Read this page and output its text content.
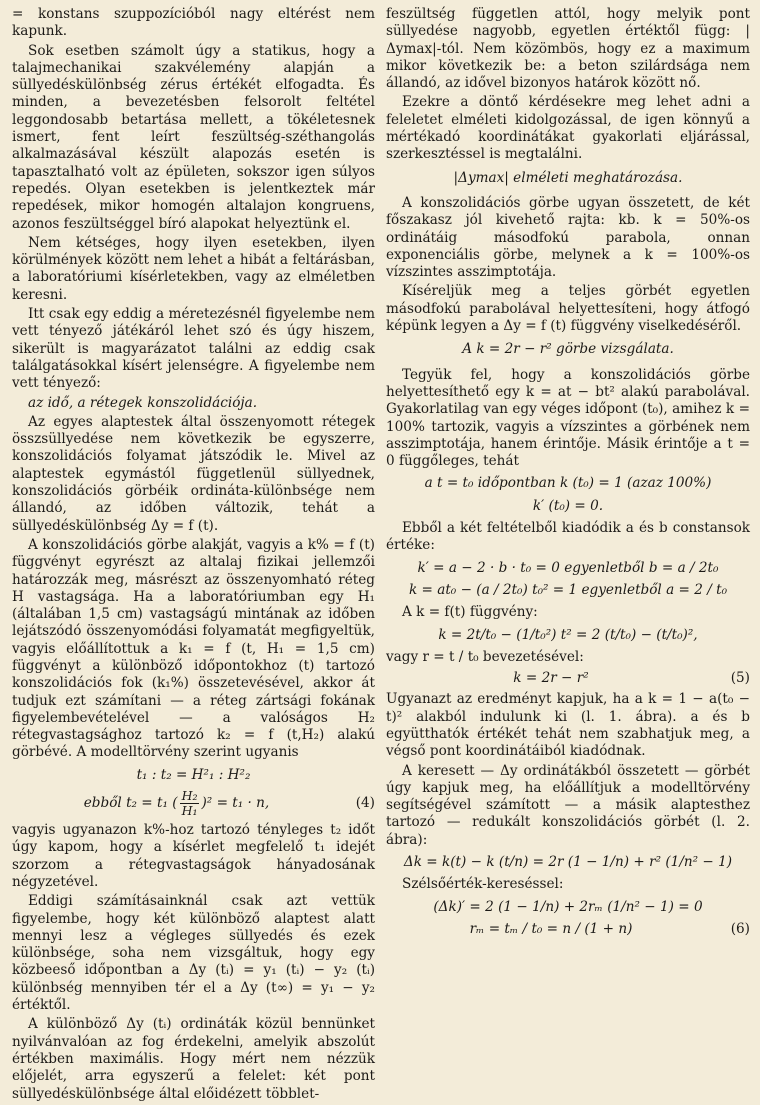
= konstans szuppozícióból nagy eltérést nem kapunk.

Sok esetben számolt úgy a statikus, hogy a talajmechanikai szakvélemény alapján a süllyedéskülönbség zérus értékét elfogadta. És minden, a bevezetésben felsorolt feltétel leggondosabb betartása mellett, a tökéletesnek ismert, fent leírt feszültség-széthangolás alkalmazásával készült alapozás esetén is tapasztalható volt az épületen, sokszor igen súlyos repedés. Olyan esetekben is jelentkeztek már repedések, mikor homogén altalajon kongruens, azonos feszültséggel bíró alapokat helyeztünk el.

Nem kétséges, hogy ilyen esetekben, ilyen körülmények között nem lehet a hibát a feltárásban, a laboratóriumi kísérletekben, vagy az elméletben keresni.

Itt csak egy eddig a méretezésnél figyelembe nem vett tényező játékáról lehet szó és úgy hiszem, sikerült is magyarázatot találni az eddig csak találgatásokkal kísért jelenségre. A figyelembe nem vett tényező:

az idő, a rétegek konszolidációja.

Az egyes alaptestek által összenyomott rétegek összsüllyedése nem következik be egyszerre, konszolidációs folyamat játszódik le. Mivel az alaptestek egymástól függetlenül süllyednek, konszolidációs görbéik ordináta-különbsége nem állandó, az időben változik, tehát a süllyedéskülönbség Δy = f (t).

A konszolidációs görbe alakját, vagyis a k% = f (t) függvényt egyrészt az altalaj fizikai jellemzői határozzák meg, másrészt az összenyomható réteg H vastagsága. Ha a laboratóriumban egy H₁ (általában 1,5 cm) vastagságú mintának az időben lejátszódó összenyomódási folyamatát megfigyeltük, vagyis előállítottuk a k₁ = f (t, H₁ = 1,5 cm) függvényt a különböző időpontokhoz (t) tartozó konszolidációs fok (k₁%) összetevésével, akkor át tudjuk ezt számítani — a réteg zártsági fokának figyelembevételével — a valóságos H₂ rétegvastagsághoz tartozó k₂ = f (t,H₂) alakú görbévé. A modelltörvény szerint ugyanis

t₁ : t₂ = H²₁ : H²₂
ebből t₂ = t₁ ( $\frac{\text{H₂}}{\text{H₁}} )^2 = t_1 \cdot n$,	(4)

vagyis ugyanazon k%-hoz tartozó tényleges t₂ időt úgy kapom, hogy a kísérlet megfelelő t₁ idejét szorzom a rétegvastagságok hányadosának négyzetével.

Eddigi számításainknál csak azt vettük figyelembe, hogy két különböző alaptest alatt mennyi lesz a végleges süllyedés és ezek különbsége, soha nem vizsgáltuk, hogy egy közbeeső időpontban a Δy (tᵢ) = y₁ (tᵢ) − y₂ (tᵢ) különbség mennyiben tér el a Δy (t∞) = y₁ − y₂ értéktől.

A különböző Δy (tᵢ) ordináták közül bennünket nyilvánvalóan az fog érdekelni, amelyik abszolút értékben maximális. Hogy mért nem nézzük előjelét, arra egyszerű a felelet: két pont süllyedéskülönbsége által előidézett többlet-

feszültség független attól, hogy melyik pont süllyedése nagyobb, egyetlen értéktől függ: |Δymax|-tól. Nem közömbös, hogy ez a maximum mikor következik be: a beton szilárdsága nem állandó, az idővel bizonyos határok között nő.

Ezekre a döntő kérdésekre meg lehet adni a feleletet elméleti kidolgozással, de igen könnyű a mértékadó koordinátákat gyakorlati eljárással, szerkesztéssel is megtalálni.

|Δymax| elméleti meghatározása.

A konszolidációs görbe ugyan összetett, de két főszakasz jól kivehető rajta: kb. k = 50%-os ordinátáig másodfokú parabola, onnan exponenciális görbe, melynek a k = 100%-os vízszintes asszimptotája.

Kíséreljük meg a teljes görbét egyetlen másodfokú parabolával helyettesíteni, hogy átfogó képünk legyen a Δy = f (t) függvény viselkedéséről.

A k = 2r − r² görbe vizsgálata.

Tegyük fel, hogy a konszolidációs görbe helyettesíthető egy k = at − bt² alakú parabolával. Gyakorlatilag van egy véges időpont (t₀), amihez k = 100% tartozik, vagyis a vízszintes a görbének nem asszimptotája, hanem érintője. Másik érintője a t = 0 függőleges, tehát

a t = t₀ időpontban k (t₀) = 1 (azaz 100%)
k′ (t₀) = 0.

Ebből a két feltételből kiadódik a és b constansok értéke:

k′ = a − 2 · b · t₀ = 0 egyenletből b = a / 2t₀
k = at₀ − (a / 2t₀) t₀² = 1 egyenletből a = 2 / t₀

A k = f(t) függvény:

k = 2t/t₀ − (1/t₀²) t² = 2 (t/t₀) − (t/t₀)²,

vagy r = t / t₀ bevezetésével:

k = 2r − r²	(5)

Ugyanazt az eredményt kapjuk, ha a k = 1 − a(t₀ − t)² alakból indulunk ki (l. 1. ábra). a és b együtthatók értékét tehát nem szabhatjuk meg, a végső pont koordinátáiból kiadódnak.

A keresett — Δy ordinátákból összetett — görbét úgy kapjuk meg, ha előállítjuk a modelltörvény segítségével számított — a másik alaptesthez tartozó — redukált konszolidációs görbét (l. 2. ábra):

Δk = k(t) − k (t/n) = 2r (1 − 1/n) + r² (1/n² − 1)

Szélsőérték-kereséssel:

(Δk)′ = 2 (1 − 1/n) + 2rₘ (1/n² − 1) = 0
rₘ = tₘ / t₀ = n / (1 + n)	(6)
